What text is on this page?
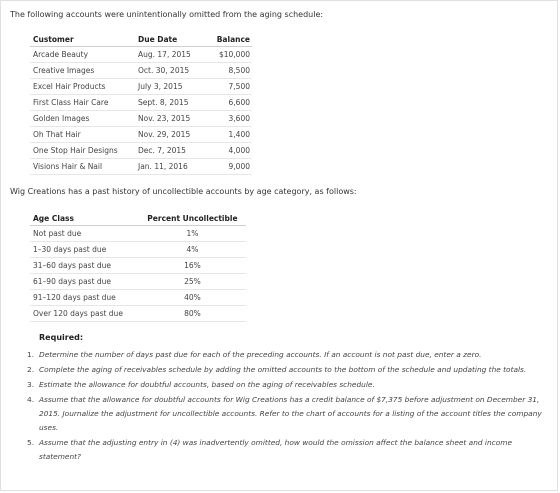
The following accounts were unintentionally omitted from the aging schedule:
Customer	Due Date	Balance
Arcade Beauty	Aug. 17, 2015	$10,000
Creative Images	Oct. 30, 2015	8,500
Excel Hair Products	July 3, 2015	7,500
First Class Hair Care	Sept. 8, 2015	6,600
Golden Images	Nov. 23, 2015	3,600
Oh That Hair	Nov. 29, 2015	1,400
One Stop Hair Designs	Dec. 7, 2015	4,000
Visions Hair & Nail	Jan. 11, 2016	9,000
Wig Creations has a past history of uncollectible accounts by age category, as follows:
Age Class	Percent Uncollectible
Not past due	1%
1–30 days past due	4%
31–60 days past due	16%
61–90 days past due	25%
91–120 days past due	40%
Over 120 days past due	80%
Required:
1. Determine the number of days past due for each of the preceding accounts. If an account is not past due, enter a zero.
2. Complete the aging of receivables schedule by adding the omitted accounts to the bottom of the schedule and updating the totals.
3. Estimate the allowance for doubtful accounts, based on the aging of receivables schedule.
4. Assume that the allowance for doubtful accounts for Wig Creations has a credit balance of $7,375 before adjustment on December 31, 2015. Journalize the adjustment for uncollectible accounts. Refer to the chart of accounts for a listing of the account titles the company uses.
5. Assume that the adjusting entry in (4) was inadvertently omitted, how would the omission affect the balance sheet and income statement?
